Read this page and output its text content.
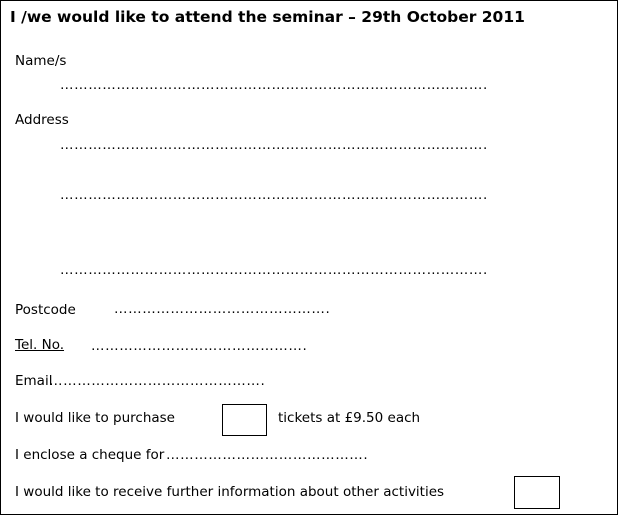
I /we would like to attend the seminar – 29th October 2011
Name/s
……………………………………………………………………………….
Address
……………………………………………………………………………….
……………………………………………………………………………….
……………………………………………………………………………….
Postcode	……………………………………….
Tel. No. ……………………………………….
Email
……………………………………….
I would like to purchase	tickets at £9.50 each
I enclose a cheque for …………………………………….
I would like to receive further information about other activities
